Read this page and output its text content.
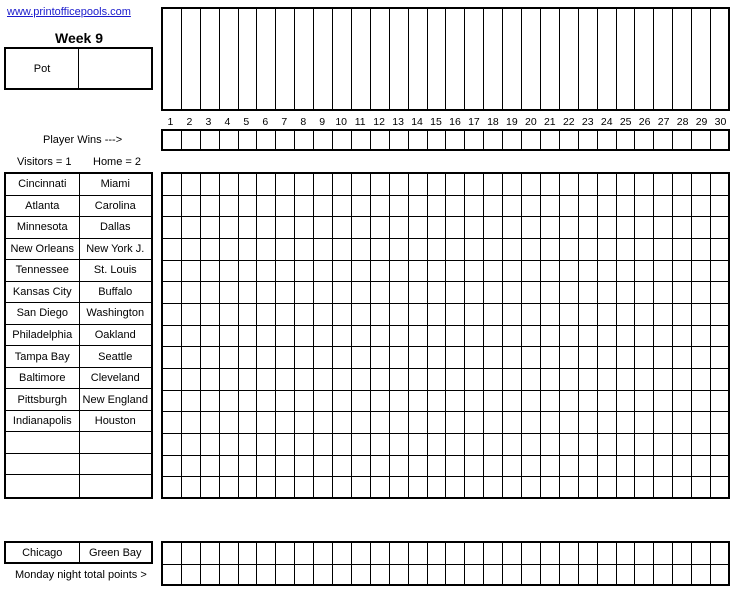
www.printofficepools.com
Week 9
Pot
1	2	3	4	5	6	7	8	9 10 11 12 13 14 15 16 17 18 19 20 21 22 23 24 25 26 27 28 29 30
Player Wins --->
Visitors = 1 Home = 2
Cincinnati	Miami
Atlanta	Carolina
Minnesota	Dallas
New Orleans	New York J.
Tennessee	St. Louis
Kansas City	Buffalo
San Diego	Washington
Philadelphia	Oakland
Tampa Bay	Seattle
Baltimore	Cleveland
Pittsburgh	New England
Indianapolis	Houston
Chicago	Green Bay
Monday night total points >
